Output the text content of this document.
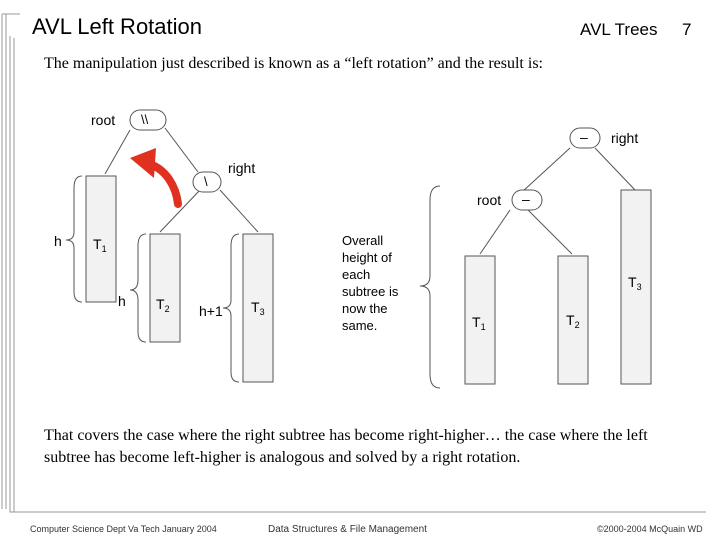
AVL Left Rotation	AVL Trees 7
The manipulation just described is known as a “left rotation” and the result is:
root \\
right
\
h $T_1$
h $T_2$ h+1 $T_3$
Overall height of each subtree is now the same.
right
–
root –
$T_1$	$T_2$
$T_3$
That covers the case where the right subtree has become right-higher… the case where the left subtree has become left-higher is analogous and solved by a right rotation.
Computer Science Dept Va Tech January 2004	Data Structures & File Management	©2000-2004 McQuain WD
